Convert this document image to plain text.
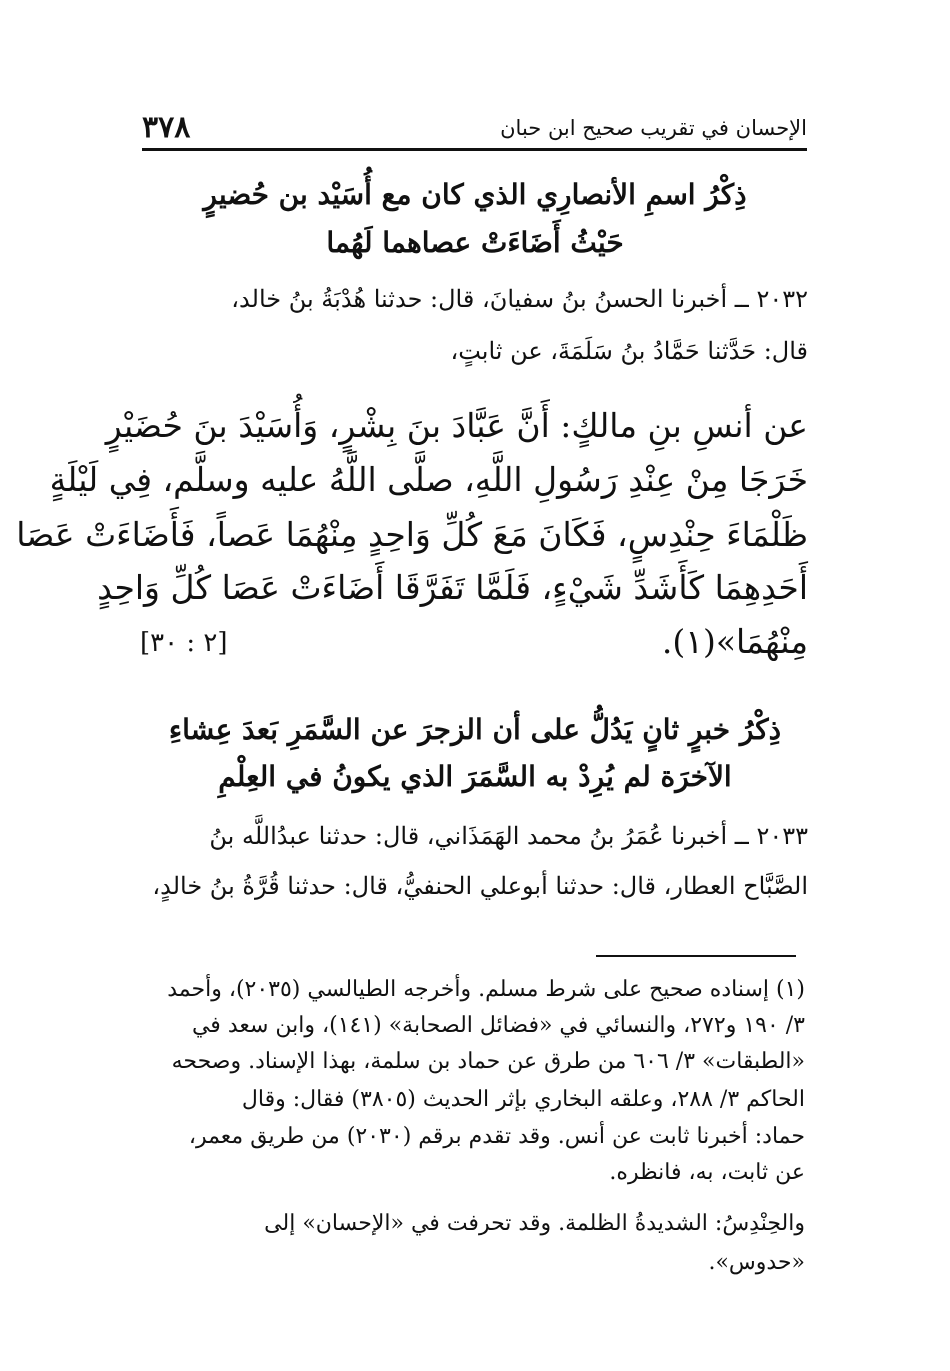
٣٧٨	الإحسان في تقريب صحيح ابن حبان
ذِكْرُ اسمِ الأنصارِي الذي كان مع أُسَيْد بن حُضيرٍ
حَيْثُ أَضَاءَتْ عصاهما لَهُما
٢٠٣٢ ــ أخبرنا الحسنُ بنُ سفيانَ، قال: حدثنا هُدْبَةُ بنُ خالد،
قال: حَدَّثنا حَمَّادُ بنُ سَلَمَةَ، عن ثابتٍ،
عن أنسِ بنِ مالكٍ: أَنَّ عَبَّادَ بنَ بِشْرٍ، وَأُسَيْدَ بنَ حُضَيْرٍ
خَرَجَا مِنْ عِنْدِ رَسُولِ اللَّهِ، صلَّى اللَّهُ عليه وسلَّم، فِي لَيْلَةٍ
ظَلْمَاءَ حِنْدِسٍ، فَكَانَ مَعَ كُلِّ وَاحِدٍ مِنْهُمَا عَصاً، فَأَضَاءَتْ عَصَا
أَحَدِهِمَا كَأَشَدِّ شَيْءٍ، فَلَمَّا تَفَرَّقَا أَضَاءَتْ عَصَا كُلِّ وَاحِدٍ
مِنْهُمَا»(١).
[٢ : ٣٠]
ذِكْرُ خبرٍ ثانٍ يَدُلُّ على أن الزجرَ عن السَّمَرِ بَعدَ عِشاءِ
الآخرَة لم يُرِدْ به السَّمَرَ الذي يكونُ في العِلْمِ
٢٠٣٣ ــ أخبرنا عُمَرُ بنُ محمد الهَمَذَاني، قال: حدثنا عبدُاللَّه بنُ
الصَّبَّاح العطار، قال: حدثنا أبوعلي الحنفيُّ، قال: حدثنا قُرَّةُ بنُ خالدٍ،
(١) إسناده صحيح على شرط مسلم. وأخرجه الطيالسي (٢٠٣٥)، وأحمد
٣/ ١٩٠ و٢٧٢، والنسائي في «فضائل الصحابة» (١٤١)، وابن سعد في
«الطبقات» ٣/ ٦٠٦ من طرق عن حماد بن سلمة، بهذا الإسناد. وصححه
الحاكم ٣/ ٢٨٨، وعلقه البخاري بإثر الحديث (٣٨٠٥) فقال: وقال
حماد: أخبرنا ثابت عن أنس. وقد تقدم برقم (٢٠٣٠) من طريق معمر،
عن ثابت، به، فانظره.
والحِنْدِسُ: الشديدةُ الظلمة. وقد تحرفت في «الإحسان» إلى
«حدوس».
